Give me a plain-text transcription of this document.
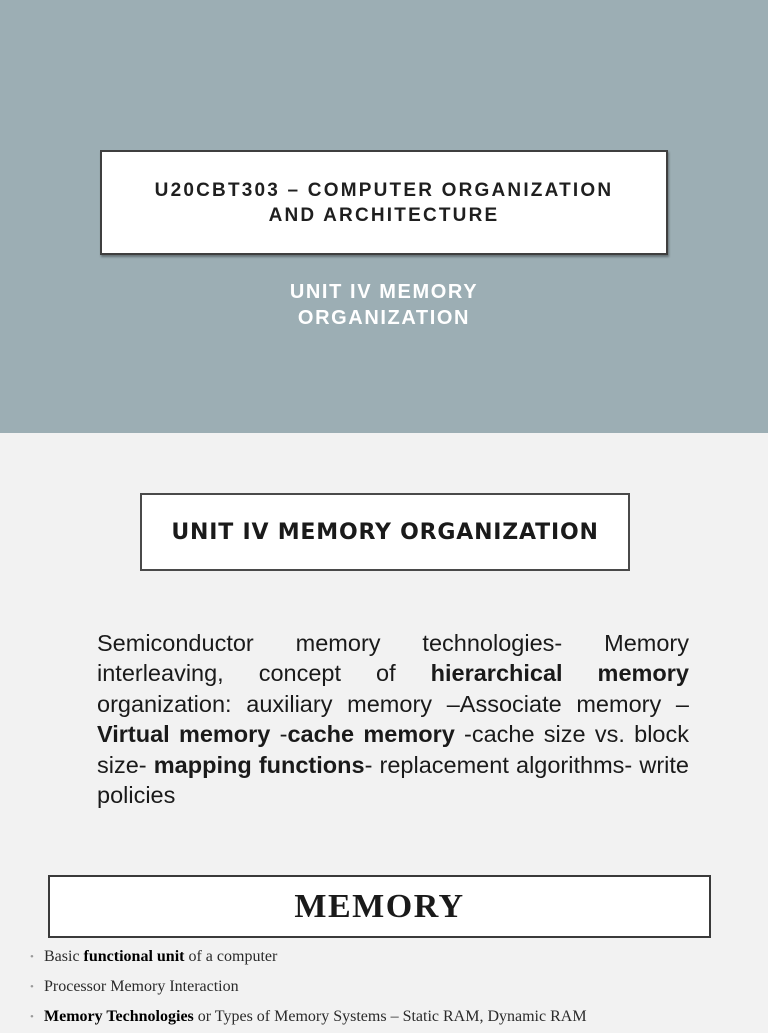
U20CBT303 – COMPUTER ORGANIZATION
AND ARCHITECTURE
UNIT IV MEMORY
ORGANIZATION
UNIT IV MEMORY ORGANIZATION

Semiconductor memory technologies- Memory interleaving, concept of hierarchical memory organization: auxiliary memory –Associate memory – Virtual memory -cache memory -cache size vs. block size- mapping functions- replacement algorithms- write policies

MEMORY
• Basic functional unit of a computer
• Processor Memory Interaction
• Memory Technologies or Types of Memory Systems – Static RAM, Dynamic RAM
